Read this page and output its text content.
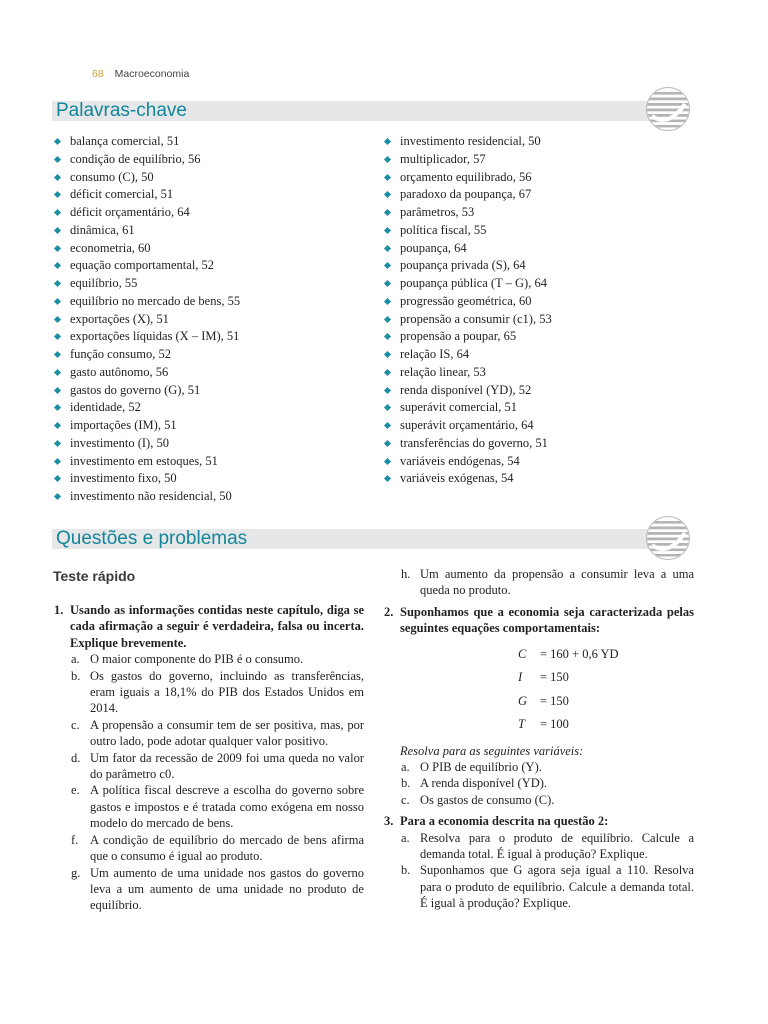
68 Macroeconomia
Palavras-chave
balança comercial, 51
condição de equilíbrio, 56
consumo (C), 50
déficit comercial, 51
déficit orçamentário, 64
dinâmica, 61
econometria, 60
equação comportamental, 52
equilíbrio, 55
equilíbrio no mercado de bens, 55
exportações (X), 51
exportações líquidas (X – IM), 51
função consumo, 52
gasto autônomo, 56
gastos do governo (G), 51
identidade, 52
importações (IM), 51
investimento (I), 50
investimento em estoques, 51
investimento fixo, 50
investimento não residencial, 50
investimento residencial, 50
multiplicador, 57
orçamento equilibrado, 56
paradoxo da poupança, 67
parâmetros, 53
política fiscal, 55
poupança, 64
poupança privada (S), 64
poupança pública (T – G), 64
progressão geométrica, 60
propensão a consumir (c1), 53
propensão a poupar, 65
relação IS, 64
relação linear, 53
renda disponível (YD), 52
superávit comercial, 51
superávit orçamentário, 64
transferências do governo, 51
variáveis endógenas, 54
variáveis exógenas, 54
Questões e problemas
Teste rápido
1. Usando as informações contidas neste capítulo, diga se cada afirmação a seguir é verdadeira, falsa ou incerta. Explique brevemente.
a. O maior componente do PIB é o consumo.
b. Os gastos do governo, incluindo as transferências, eram iguais a 18,1% do PIB dos Estados Unidos em 2014.
c. A propensão a consumir tem de ser positiva, mas, por outro lado, pode adotar qualquer valor positivo.
d. Um fator da recessão de 2009 foi uma queda no valor do parâmetro c0.
e. A política fiscal descreve a escolha do governo sobre gastos e impostos e é tratada como exógena em nosso modelo do mercado de bens.
f. A condição de equilíbrio do mercado de bens afirma que o consumo é igual ao produto.
g. Um aumento de uma unidade nos gastos do governo leva a um aumento de uma unidade no produto de equilíbrio.
h. Um aumento da propensão a consumir leva a uma queda no produto.
2. Suponhamos que a economia seja caracterizada pelas seguintes equações comportamentais:
C	= 160 + 0,6 YD
I	= 150
G	= 150
T	= 100
Resolva para as seguintes variáveis:
a. O PIB de equilíbrio (Y).
b. A renda disponível (YD).
c. Os gastos de consumo (C).
3. Para a economia descrita na questão 2:
a. Resolva para o produto de equilíbrio. Calcule a demanda total. É igual à produção? Explique.
b. Suponhamos que G agora seja igual a 110. Resolva para o produto de equilíbrio. Calcule a demanda total. É igual à produção? Explique.
